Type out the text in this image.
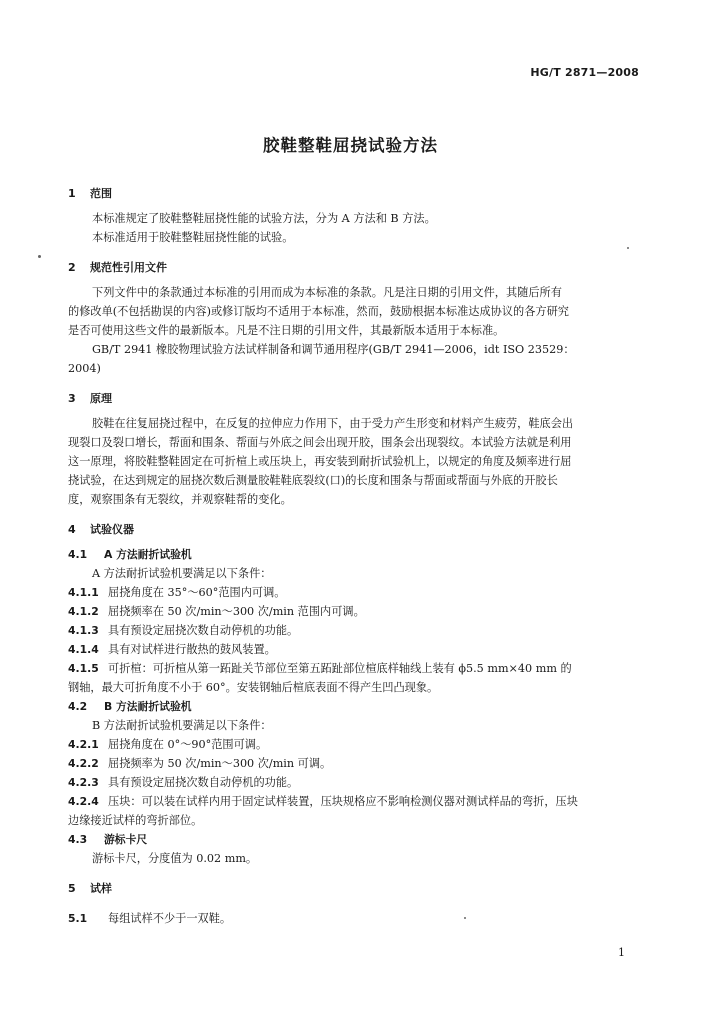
HG/T 2871—2008
胶鞋整鞋屈挠试验方法
1 范围
本标准规定了胶鞋整鞋屈挠性能的试验方法，分为 A 方法和 B 方法。
本标准适用于胶鞋整鞋屈挠性能的试验。
2 规范性引用文件
下列文件中的条款通过本标准的引用而成为本标准的条款。凡是注日期的引用文件，其随后所有
的修改单(不包括勘误的内容)或修订版均不适用于本标准，然而，鼓励根据本标准达成协议的各方研究
是否可使用这些文件的最新版本。凡是不注日期的引用文件，其最新版本适用于本标准。
GB/T 2941 橡胶物理试验方法试样制备和调节通用程序(GB/T 2941—2006，idt ISO 23529：
2004)
3 原理
胶鞋在往复屈挠过程中，在反复的拉伸应力作用下，由于受力产生形变和材料产生疲劳，鞋底会出
现裂口及裂口增长，帮面和围条、帮面与外底之间会出现开胶，围条会出现裂纹。本试验方法就是利用
这一原理，将胶鞋整鞋固定在可折楦上或压块上，再安装到耐折试验机上，以规定的角度及频率进行屈
挠试验，在达到规定的屈挠次数后测量胶鞋鞋底裂纹(口)的长度和围条与帮面或帮面与外底的开胶长
度，观察围条有无裂纹，并观察鞋帮的变化。
4 试验仪器
4.1 A 方法耐折试验机
A 方法耐折试验机要满足以下条件：
4.1.1 屈挠角度在 35°～60°范围内可调。
4.1.2 屈挠频率在 50 次/min～300 次/min 范围内可调。
4.1.3 具有预设定屈挠次数自动停机的功能。
4.1.4 具有对试样进行散热的鼓风装置。
4.1.5 可折楦：可折楦从第一跖趾关节部位至第五跖趾部位楦底样轴线上装有 ϕ5.5 mm×40 mm 的
钢轴，最大可折角度不小于 60°。安装钢轴后楦底表面不得产生凹凸现象。
4.2 B 方法耐折试验机
B 方法耐折试验机要满足以下条件：
4.2.1 屈挠角度在 0°～90°范围可调。
4.2.2 屈挠频率为 50 次/min～300 次/min 可调。
4.2.3 具有预设定屈挠次数自动停机的功能。
4.2.4 压块：可以装在试样内用于固定试样装置，压块规格应不影响检测仪器对测试样品的弯折，压块
边缘接近试样的弯折部位。
4.3 游标卡尺
游标卡尺，分度值为 0.02 mm。
5 试样
5.1 每组试样不少于一双鞋。
1
